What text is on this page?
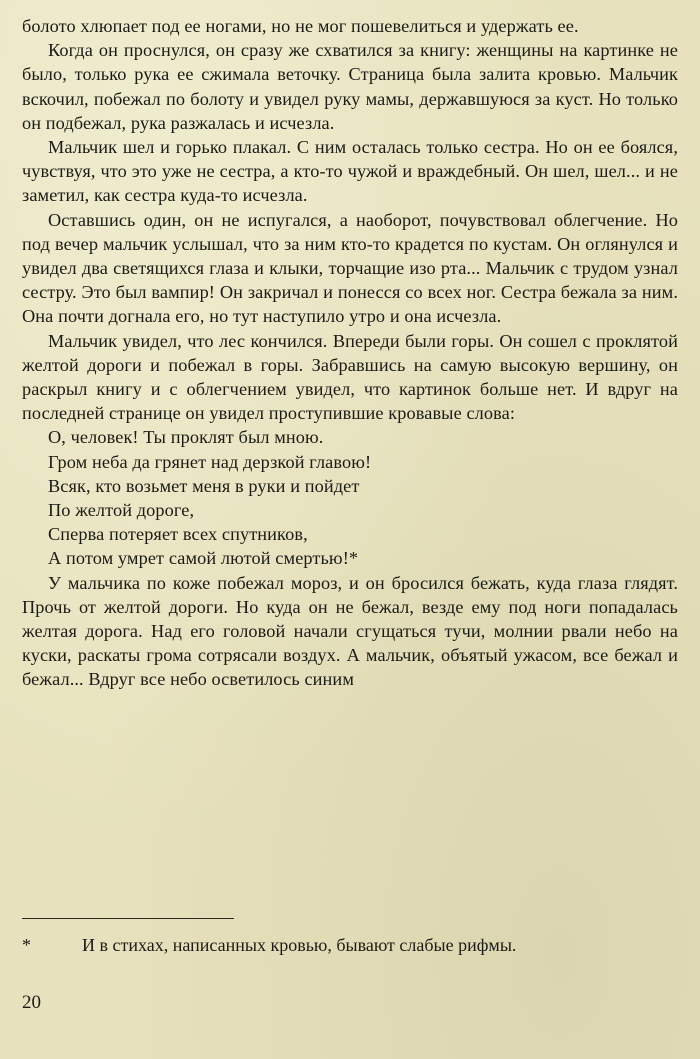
болото хлюпает под ее ногами, но не мог пошевелиться и удержать ее.

Когда он проснулся, он сразу же схватился за книгу: женщины на картинке не было, только рука ее сжимала веточку. Страница была залита кровью. Мальчик вскочил, побежал по болоту и увидел руку мамы, державшуюся за куст. Но только он подбежал, рука разжалась и исчезла.

Мальчик шел и горько плакал. С ним осталась только сестра. Но он ее боялся, чувствуя, что это уже не сестра, а кто-то чужой и враждебный. Он шел, шел... и не заметил, как сестра куда-то исчезла.

Оставшись один, он не испугался, а наоборот, почувствовал облегчение. Но под вечер мальчик услышал, что за ним кто-то крадется по кустам. Он оглянулся и увидел два светящихся глаза и клыки, торчащие изо рта... Мальчик с трудом узнал сестру. Это был вампир! Он закричал и понесся со всех ног. Сестра бежала за ним. Она почти догнала его, но тут наступило утро и она исчезла.

Мальчик увидел, что лес кончился. Впереди были горы. Он сошел с проклятой желтой дороги и побежал в горы. Забравшись на самую высокую вершину, он раскрыл книгу и с облегчением увидел, что картинок больше нет. И вдруг на последней странице он увидел проступившие кровавые слова:

О, человек! Ты проклят был мною.
Гром неба да грянет над дерзкой главою!
Всяк, кто возьмет меня в руки и пойдет
По желтой дороге,
Сперва потеряет всех спутников,
А потом умрет самой лютой смертью!*

У мальчика по коже побежал мороз, и он бросился бежать, куда глаза глядят. Прочь от желтой дороги. Но куда он не бежал, везде ему под ноги попадалась желтая дорога. Над его головой начали сгущаться тучи, молнии рвали небо на куски, раскаты грома сотрясали воздух. А мальчик, объятый ужасом, все бежал и бежал... Вдруг все небо осветилось синим

*	И в стихах, написанных кровью, бывают слабые рифмы.
20
